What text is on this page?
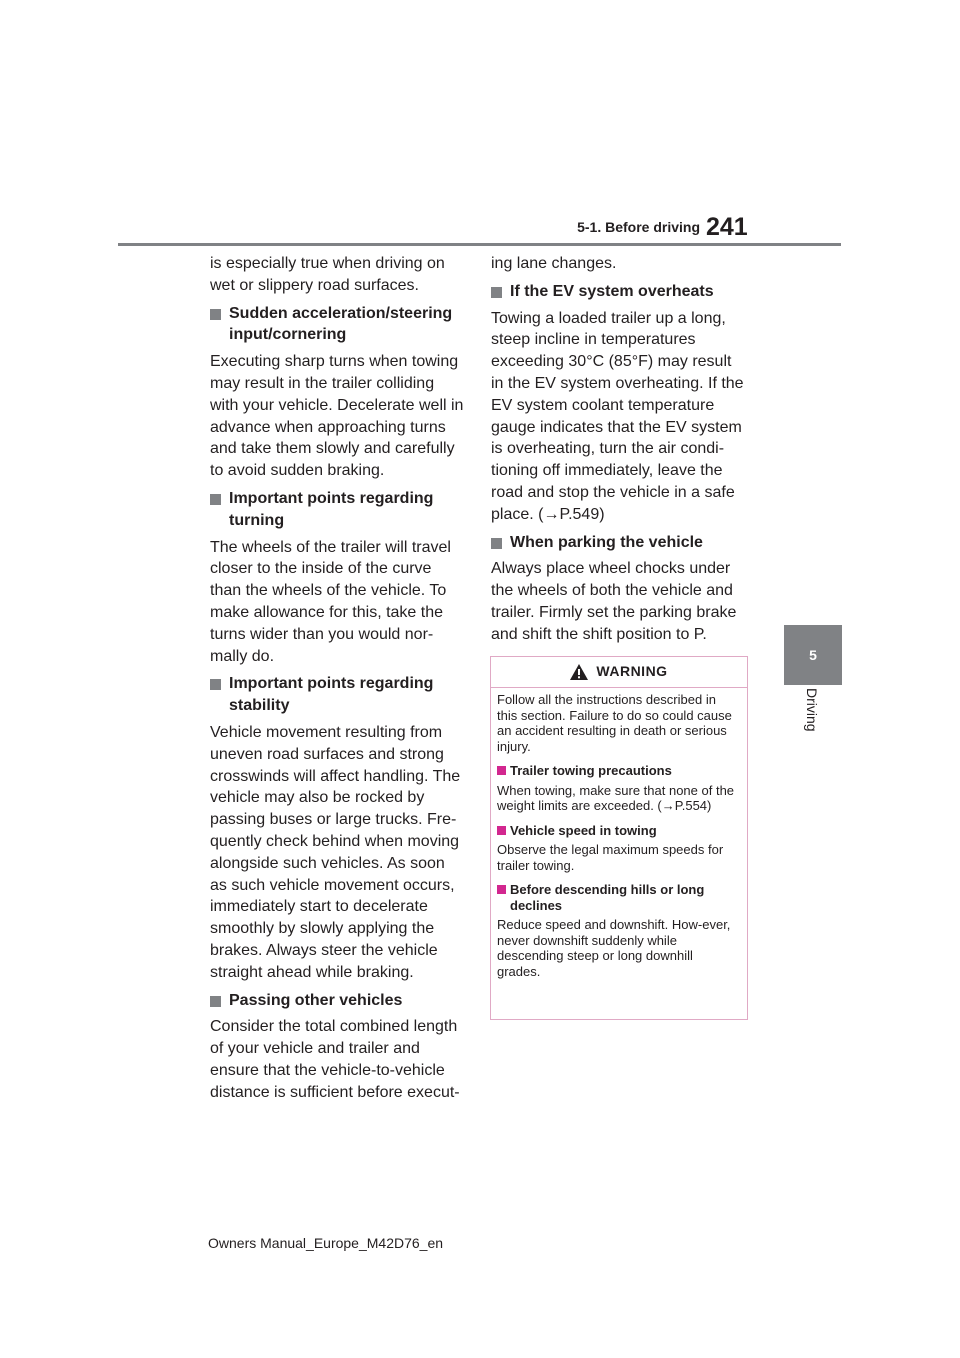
5-1. Before driving 241
5
Driving

is especially true when driving on wet or slippery road surfaces.

Sudden acceleration/steering input/cornering

Executing sharp turns when towing may result in the trailer colliding with your vehicle. Decelerate well in advance when approaching turns and take them slowly and carefully to avoid sudden braking.

Important points regarding turning

The wheels of the trailer will travel closer to the inside of the curve than the wheels of the vehicle. To make allowance for this, take the turns wider than you would nor-mally do.

Important points regarding stability

Vehicle movement resulting from uneven road surfaces and strong crosswinds will affect handling. The vehicle may also be rocked by passing buses or large trucks. Fre-quently check behind when moving alongside such vehicles. As soon as such vehicle movement occurs, immediately start to decelerate smoothly by slowly applying the brakes. Always steer the vehicle straight ahead while braking.

Passing other vehicles

Consider the total combined length of your vehicle and trailer and ensure that the vehicle-to-vehicle distance is sufficient before execut-

ing lane changes.

If the EV system overheats

Towing a loaded trailer up a long, steep incline in temperatures exceeding 30°C (85°F) may result in the EV system overheating. If the EV system coolant temperature gauge indicates that the EV system is overheating, turn the air condi-tioning off immediately, leave the road and stop the vehicle in a safe place. (→P.549)

When parking the vehicle

Always place wheel chocks under the wheels of both the vehicle and trailer. Firmly set the parking brake and shift the shift position to P.

WARNING

Follow all the instructions described in this section. Failure to do so could cause an accident resulting in death or serious injury.

Trailer towing precautions

When towing, make sure that none of the weight limits are exceeded. (→P.554)

Vehicle speed in towing

Observe the legal maximum speeds for trailer towing.

Before descending hills or long declines

Reduce speed and downshift. How-ever, never downshift suddenly while descending steep or long downhill grades.

Owners Manual_Europe_M42D76_en
